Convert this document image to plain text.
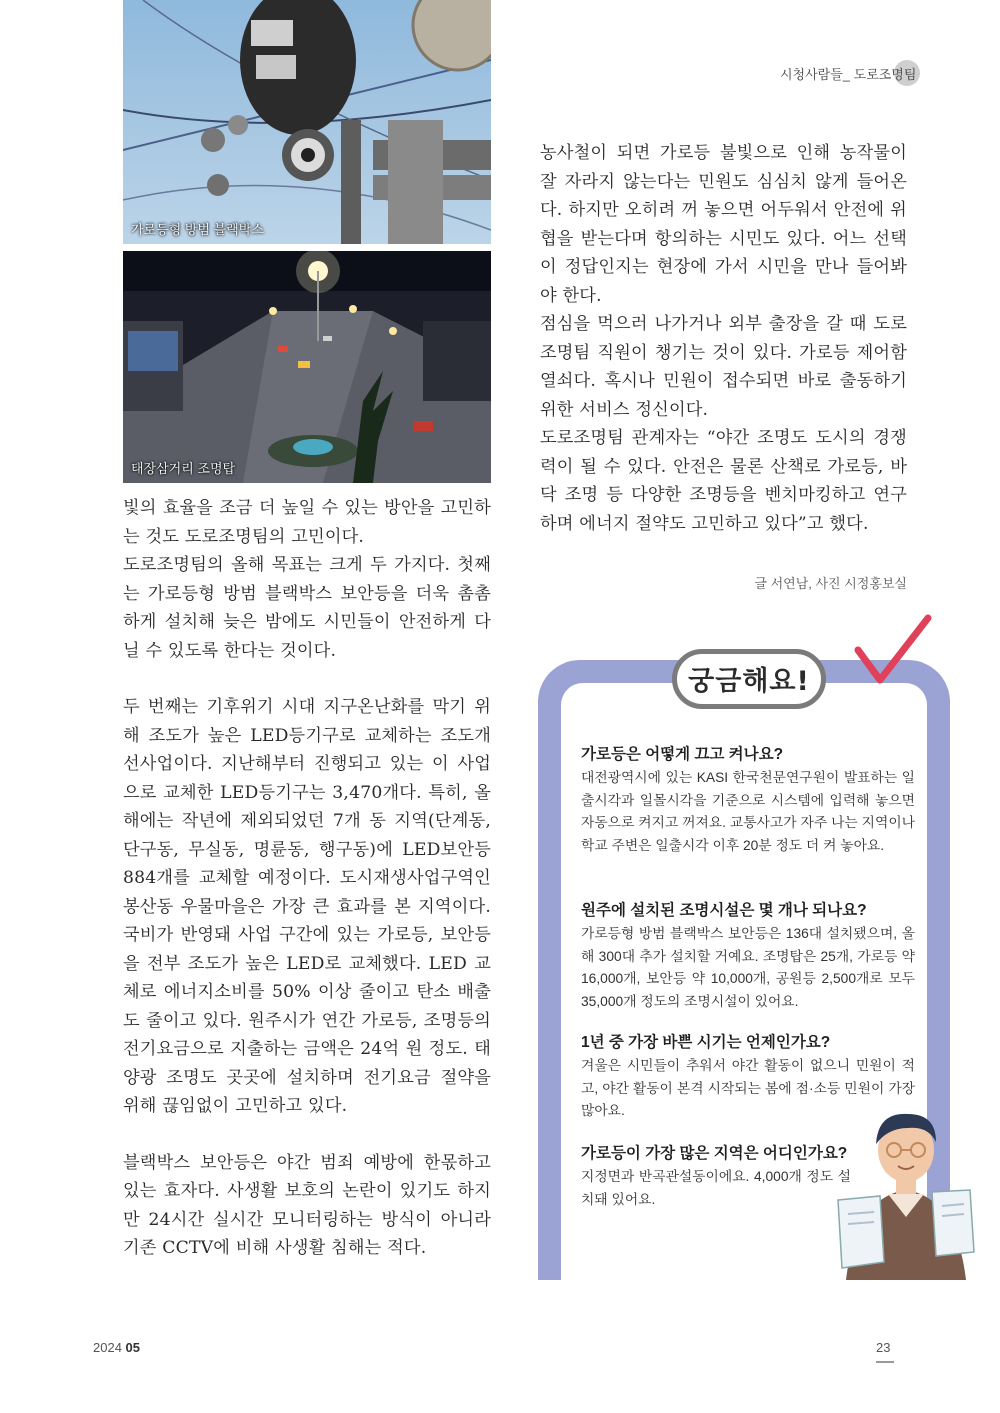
가로등형 방범 블랙박스
태장삼거리 조명탑
시청사람들_ 도로조명팀

빛의 효율을 조금 더 높일 수 있는 방안을 고민하는 것도 도로조명팀의 고민이다.

도로조명팀의 올해 목표는 크게 두 가지다. 첫째는 가로등형 방범 블랙박스 보안등을 더욱 촘촘하게 설치해 늦은 밤에도 시민들이 안전하게 다닐 수 있도록 한다는 것이다.

두 번째는 기후위기 시대 지구온난화를 막기 위해 조도가 높은 LED등기구로 교체하는 조도개선사업이다. 지난해부터 진행되고 있는 이 사업으로 교체한 LED등기구는 3,470개다. 특히, 올해에는 작년에 제외되었던 7개 동 지역(단계동, 단구동, 무실동, 명륜동, 행구동)에 LED보안등 884개를 교체할 예정이다. 도시재생사업구역인 봉산동 우물마을은 가장 큰 효과를 본 지역이다. 국비가 반영돼 사업 구간에 있는 가로등, 보안등을 전부 조도가 높은 LED로 교체했다. LED 교체로 에너지소비를 50% 이상 줄이고 탄소 배출도 줄이고 있다. 원주시가 연간 가로등, 조명등의 전기요금으로 지출하는 금액은 24억 원 정도. 태양광 조명도 곳곳에 설치하며 전기요금 절약을 위해 끊임없이 고민하고 있다.

블랙박스 보안등은 야간 범죄 예방에 한몫하고 있는 효자다. 사생활 보호의 논란이 있기도 하지만 24시간 실시간 모니터링하는 방식이 아니라 기존 CCTV에 비해 사생활 침해는 적다.

농사철이 되면 가로등 불빛으로 인해 농작물이 잘 자라지 않는다는 민원도 심심치 않게 들어온다. 하지만 오히려 꺼 놓으면 어두워서 안전에 위협을 받는다며 항의하는 시민도 있다. 어느 선택이 정답인지는 현장에 가서 시민을 만나 들어봐야 한다.

점심을 먹으러 나가거나 외부 출장을 갈 때 도로조명팀 직원이 챙기는 것이 있다. 가로등 제어함 열쇠다. 혹시나 민원이 접수되면 바로 출동하기 위한 서비스 정신이다.

도로조명팀 관계자는 “야간 조명도 도시의 경쟁력이 될 수 있다. 안전은 물론 산책로 가로등, 바닥 조명 등 다양한 조명등을 벤치마킹하고 연구하며 에너지 절약도 고민하고 있다”고 했다.

글 서연남, 사진 시정홍보실
궁금해요!

가로등은 어떻게 끄고 켜나요?

대전광역시에 있는 KASI 한국천문연구원이 발표하는 일출시각과 일몰시각을 기준으로 시스템에 입력해 놓으면 자동으로 켜지고 꺼져요. 교통사고가 자주 나는 지역이나 학교 주변은 일출시각 이후 20분 정도 더 켜 놓아요.

원주에 설치된 조명시설은 몇 개나 되나요?

가로등형 방범 블랙박스 보안등은 136대 설치됐으며, 올해 300대 추가 설치할 거예요. 조명탑은 25개, 가로등 약 16,000개, 보안등 약 10,000개, 공원등 2,500개로 모두 35,000개 정도의 조명시설이 있어요.

1년 중 가장 바쁜 시기는 언제인가요?

겨울은 시민들이 추워서 야간 활동이 없으니 민원이 적고, 야간 활동이 본격 시작되는 봄에 점·소등 민원이 가장 많아요.

가로등이 가장 많은 지역은 어디인가요?

지정면과 반곡관설동이에요. 4,000개 정도 설치돼 있어요.

2024 05	23
